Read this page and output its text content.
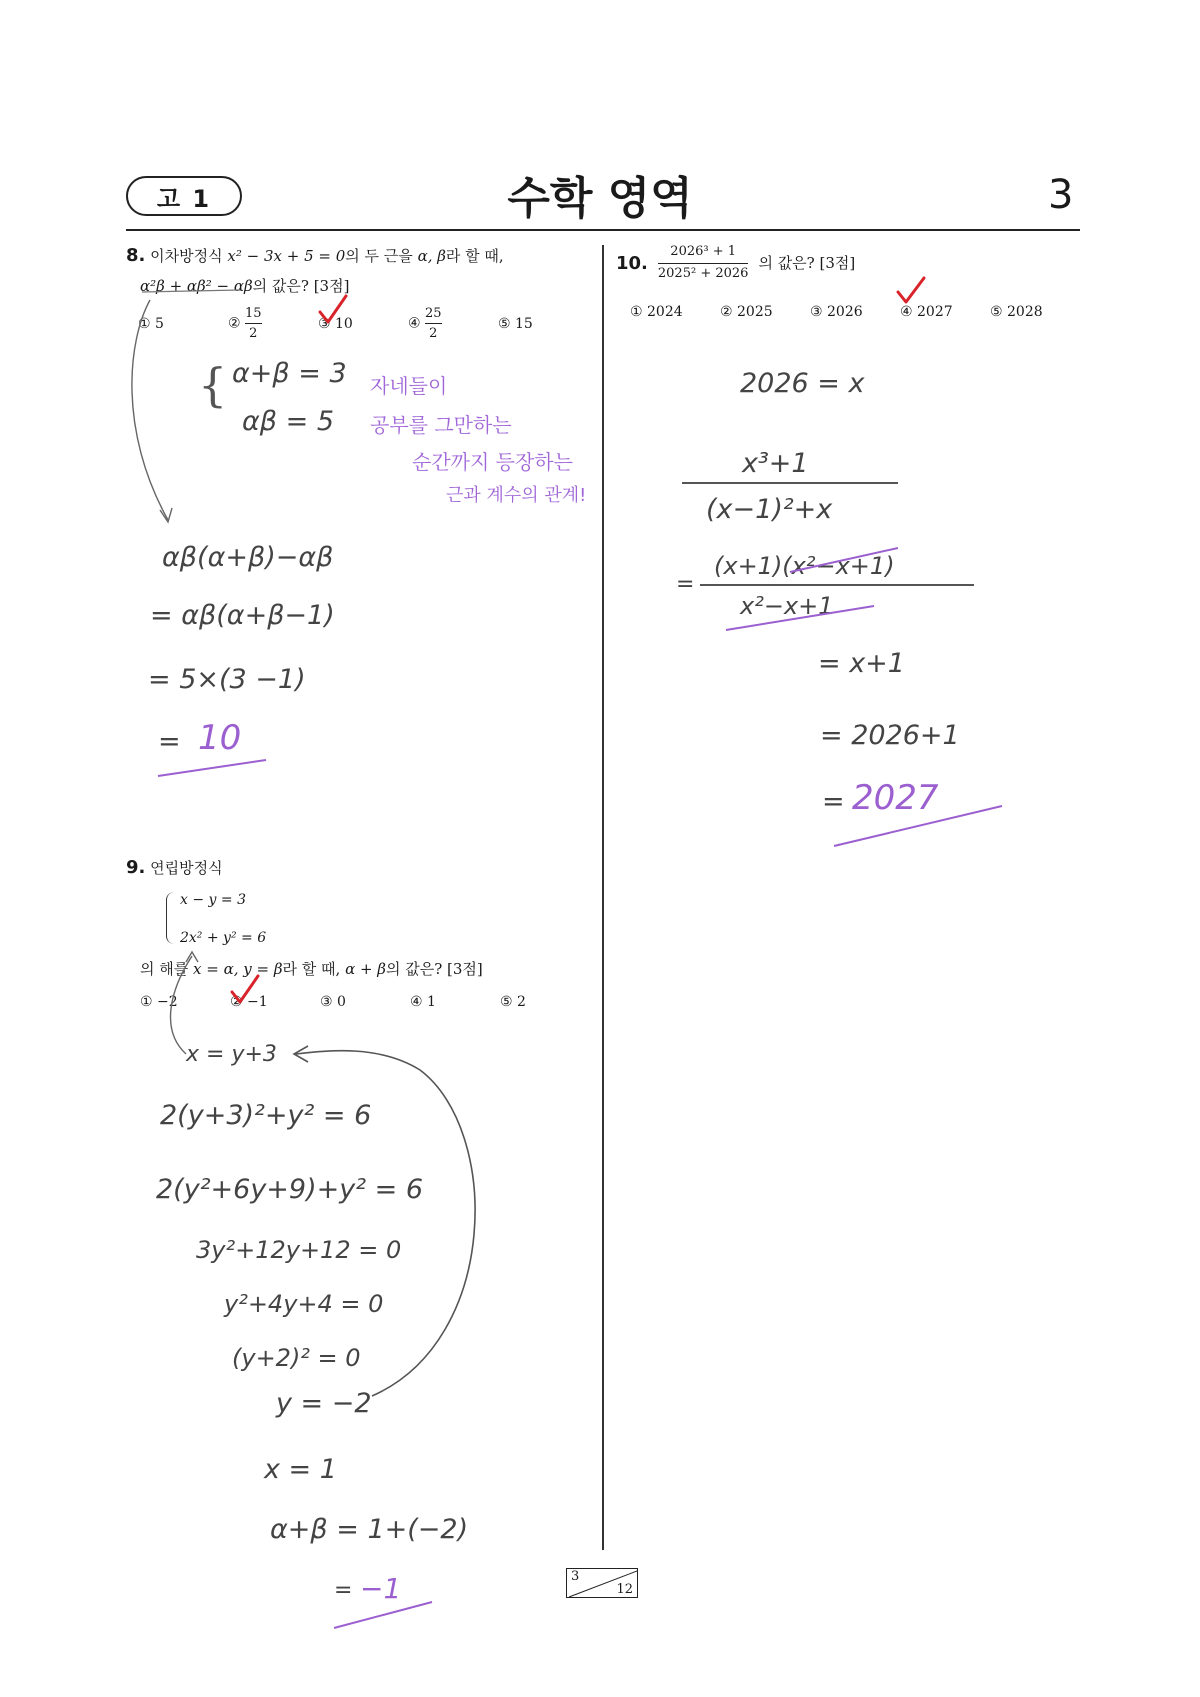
고 1	수학 영역	3
8. 이차방정식 x² − 3x + 5 = 0의 두 근을 α, β라 할 때,
α²β + αβ² − αβ의 값은? [3점]
① 5	② $\frac{15}{2}$	③ 10	④ $\frac{25}{2}$	⑤ 15
{ α+β = 3
αβ = 5
자네들이
공부를 그만하는
순간까지 등장하는
근과 계수의 관계!
αβ(α+β)−αβ
= αβ(α+β−1)
= 5×(3 −1)
= 10
9. 연립방정식
x − y = 3
2x² + y² = 6
의 해를 x = α, y = β라 할 때, α + β의 값은? [3점]
① −2	② −1	③ 0	④ 1	⑤ 2
x = y+3
2(y+3)²+y² = 6
2(y²+6y+9)+y² = 6
3y²+12y+12 = 0
y²+4y+4 = 0
(y+2)² = 0
y = −2
x = 1
α+β = 1+(−2)
= −1
10. $\frac{\text{2026³ + 1}}{\text{2025² + 2026}}$ 의 값은? [3점]
① 2024	② 2025	③ 2026	④ 2027	⑤ 2028
2026 = x
x³+1
(x−1)²+x
=
(x+1)(x²−x+1)
x²−x+1
= x+1
= 2026+1
= 2027
3
12
